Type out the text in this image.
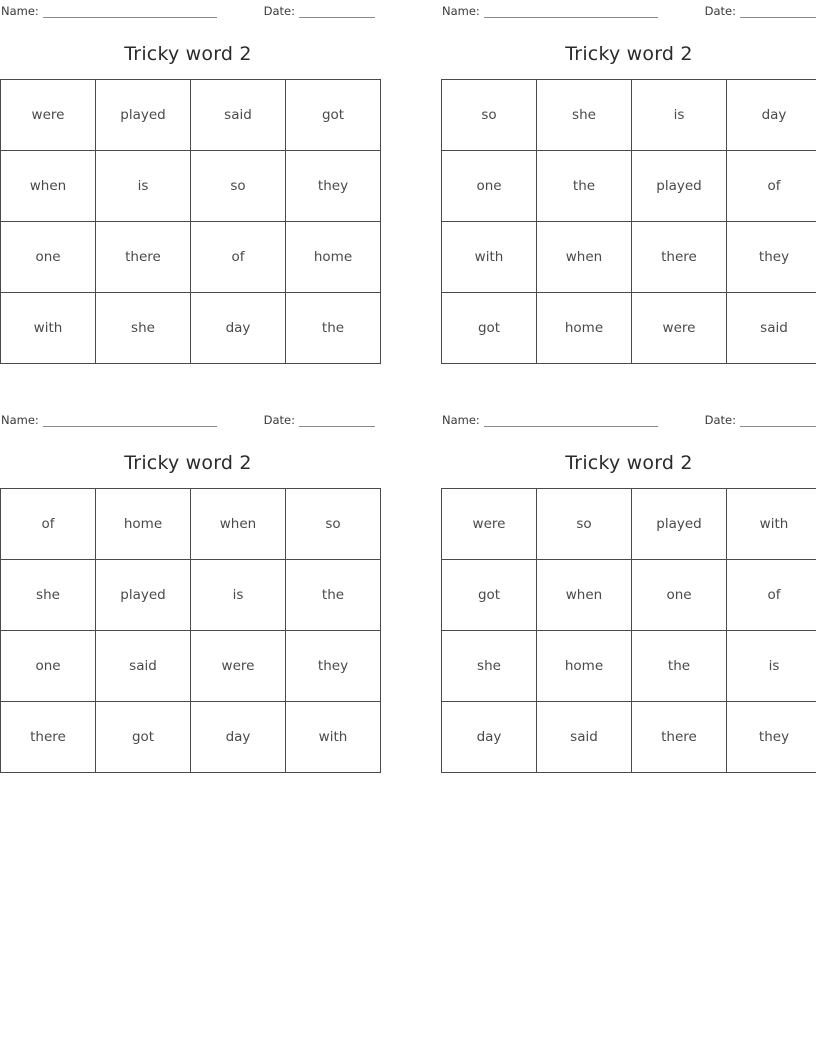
Name:	Date:
Tricky word 2
were	played	said	got
when	is	so	they
one	there	of	home
with	she	day	the
Name:	Date:
Tricky word 2
so	she	is	day
one	the	played	of
with	when	there	they
got	home	were	said
Name:	Date:
Tricky word 2
of	home	when	so
she	played	is	the
one	said	were	they
there	got	day	with
Name:	Date:
Tricky word 2
were	so	played	with
got	when	one	of
she	home	the	is
day	said	there	they
